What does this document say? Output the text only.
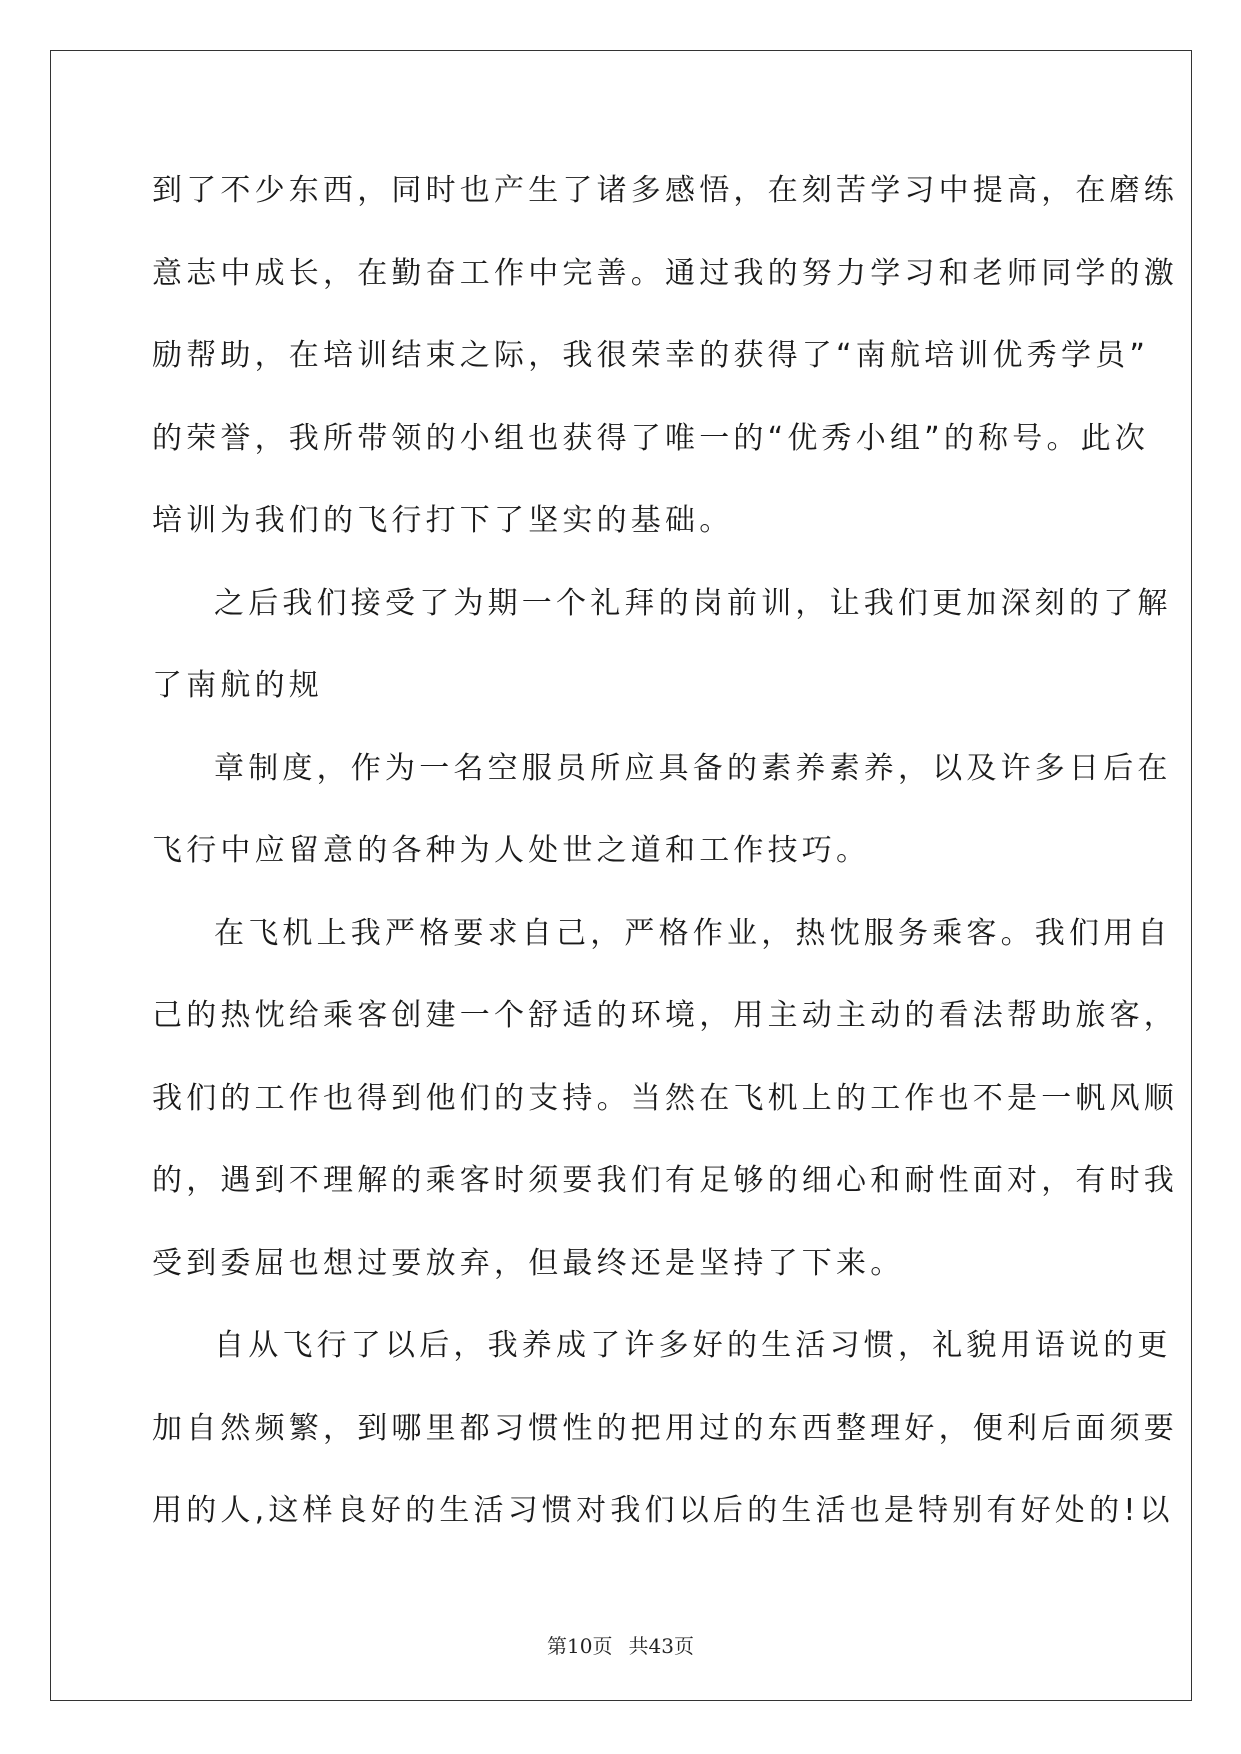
到了不少东西，同时也产生了诸多感悟，在刻苦学习中提高，在磨练
意志中成长，在勤奋工作中完善。通过我的努力学习和老师同学的激
励帮助，在培训结束之际，我很荣幸的获得了“南航培训优秀学员”
的荣誉，我所带领的小组也获得了唯一的“优秀小组”的称号。此次
培训为我们的飞行打下了坚实的基础。
之后我们接受了为期一个礼拜的岗前训，让我们更加深刻的了解
了南航的规
章制度，作为一名空服员所应具备的素养素养，以及许多日后在
飞行中应留意的各种为人处世之道和工作技巧。
在飞机上我严格要求自己，严格作业，热忱服务乘客。我们用自
己的热忱给乘客创建一个舒适的环境，用主动主动的看法帮助旅客，
我们的工作也得到他们的支持。当然在飞机上的工作也不是一帆风顺
的，遇到不理解的乘客时须要我们有足够的细心和耐性面对，有时我
受到委屈也想过要放弃，但最终还是坚持了下来。
自从飞行了以后，我养成了许多好的生活习惯，礼貌用语说的更
加自然频繁，到哪里都习惯性的把用过的东西整理好，便利后面须要
用的人,这样良好的生活习惯对我们以后的生活也是特别有好处的!以
第10页 共43页
